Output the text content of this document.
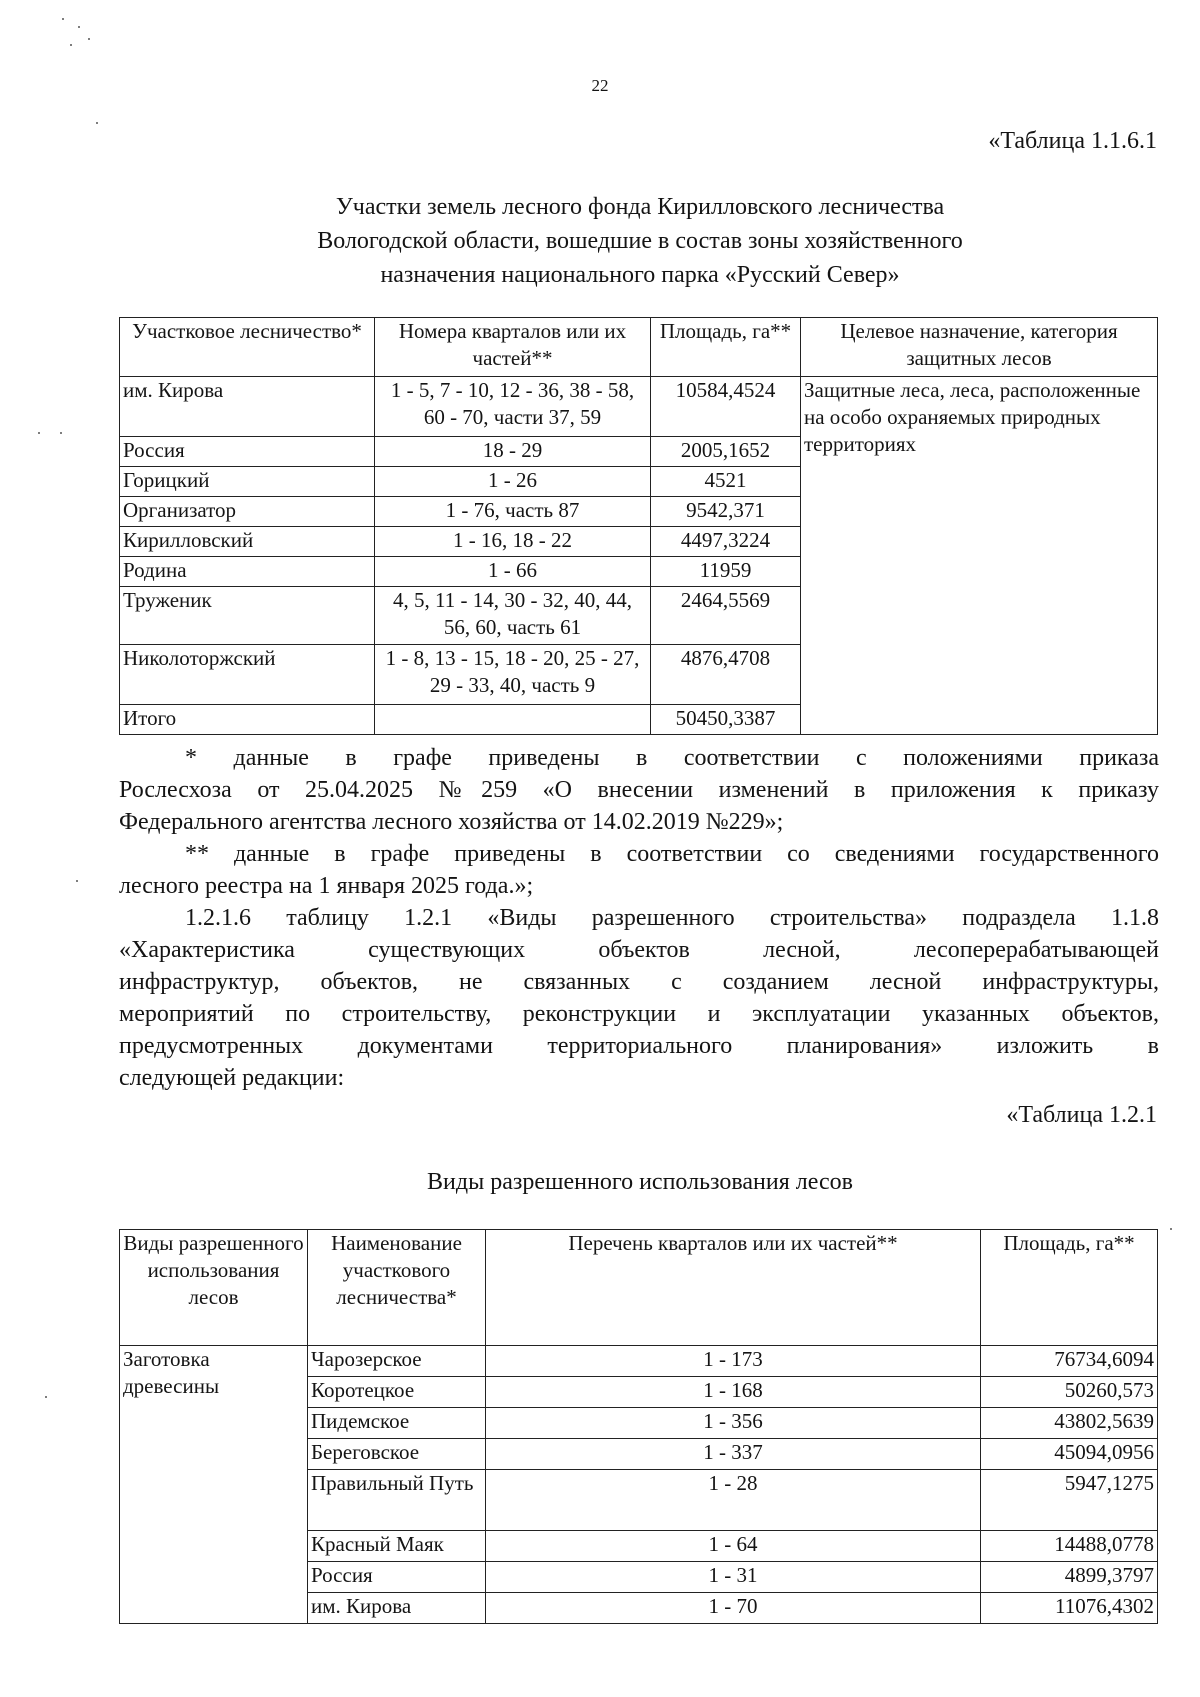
22
«Таблица 1.1.6.1
Участки земель лесного фонда Кирилловского лесничества
Вологодской области, вошедшие в состав зоны хозяйственного
назначения национального парка «Русский Север»
Участковое лесничество*	Номера кварталов или их частей**	Площадь, га**	Целевое назначение, категория защитных лесов
им. Кирова	1 - 5, 7 - 10, 12 - 36, 38 - 58, 60 - 70, части 37, 59	10584,4524	Защитные леса, леса, расположенные на особо охраняемых природных территориях
Россия	18 - 29	2005,1652	
Горицкий	1 - 26	4521	
Организатор	1 - 76, часть 87	9542,371	
Кирилловский	1 - 16, 18 - 22	4497,3224	
Родина	1 - 66	11959	
Труженик	4, 5, 11 - 14, 30 - 32, 40, 44, 56, 60, часть 61	2464,5569	
Николоторжский	1 - 8, 13 - 15, 18 - 20, 25 - 27, 29 - 33, 40, часть 9	4876,4708	
Итого		50450,3387	

* данные в графе приведены в соответствии с положениями приказа

Рослесхоза от 25.04.2025 №259 «О внесении изменений в приложения к приказу

Федерального агентства лесного хозяйства от 14.02.2019 №229»;

** данные в графе приведены в соответствии со сведениями государственного

лесного реестра на 1 января 2025 года.»;

1.2.1.6 таблицу 1.2.1 «Виды разрешенного строительства» подраздела 1.1.8

«Характеристика существующих объектов лесной, лесоперерабатывающей

инфраструктур, объектов, не связанных с созданием лесной инфраструктуры,

мероприятий по строительству, реконструкции и эксплуатации указанных объектов,

предусмотренных документами территориального планирования» изложить в

следующей редакции:

«Таблица 1.2.1
Виды разрешенного использования лесов
Виды разрешенного использования лесов	Наименование участкового лесничества*	Перечень кварталов или их частей**	Площадь, га**
Заготовка древесины	Чарозерское	1 - 173	76734,6094
	Коротецкое	1 - 168	50260,573
	Пидемское	1 - 356	43802,5639
	Береговское	1 - 337	45094,0956
	Правильный Путь	1 - 28	5947,1275
	Красный Маяк	1 - 64	14488,0778
	Россия	1 - 31	4899,3797
	им. Кирова	1 - 70	11076,4302
